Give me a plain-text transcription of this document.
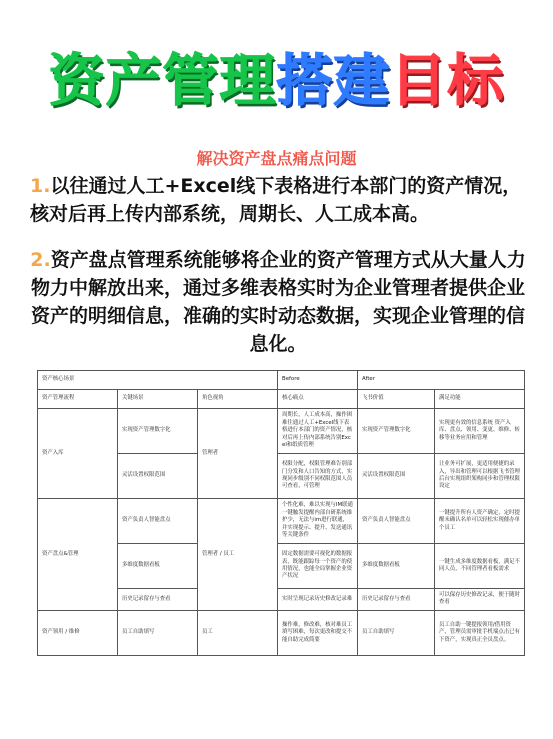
资产管理搭建目标
解决资产盘点痛点问题
1.以往通过人工+Excel线下表格进行本部门的资产情况，核对后再上传内部系统，周期长、人工成本高。
2.资产盘点管理系统能够将企业的资产管理方式从大量人力物力中解放出来，通过多维表格实时为企业管理者提供企业资产的明细信息，准确的实时动态数据，实现企业管理的信息化。
资产核心场景			Before	After	
资产管理流程	关键场景	角色视角	核心痛点	飞书价值	满足功能
资产入库	实现资产管理数字化	管理者	周期长，人工成本高，操作困难往通过人工+Excel线下表格进行本部门的资产情况，核对后再上传内部系统告别Excel和纸质管理	实现资产管理数字化	实现更有效的信息系统 资产入库、盘点、领用、变更、维修、转移等业务应用和管理
	灵活设置权限范围		权限分配，权限管理难告别部门分发和人口告知的方式，实现同步级别不同权限范围人员可查看，可管理	灵活设置权限范围	让业务可扩展，更适用便捷的录入，导出和管理可以根据飞书管理后台实现组织架构同步和管理权限设定
资产盘点&管理	资产负责人智能盘点	管理者 / 员工	个性化难，难以实现与IM联通一键触发提醒内部自研系统维护少，无法与im进行联通，并实现提示、提升、发送通讯等关键条件	资产负责人智能盘点	一键提升所有人资产确定，定时提醒未确认名单可以轻松实现催办单个员工
	多维度数据看板		固定数据需要可视化的数据报表，既能跟踪每一个资产的使用情况，也能全局掌握企业资产状况	多维度数据看板	一键生成多维度数据看板，满足不同人员，不同管理者看板需求
	历史记录留存与查看		实时呈现记录历史修改记录难	历史记录留存与查看	可以保存历史修改记录，便于随时查看
资产领用 / 维修	员工自助填写	员工	操作难，修改难，核对难员工填写困难，每次更改和提交不能自助完成简要	员工自助填写	员工自助一键提报领用/借用资产，管理员需审批手机端点击已有下资产，实现真正全员盘点。
